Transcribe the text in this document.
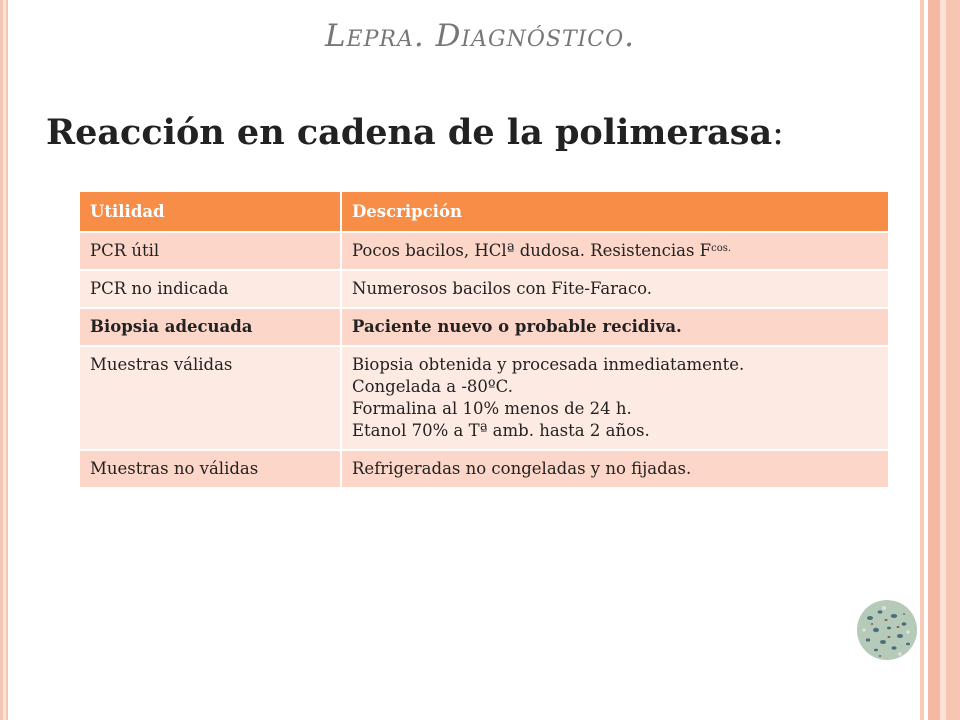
Lepra. Diagnóstico.
Reacción en cadena de la polimerasa:
Utilidad	Descripción
PCR útil	Pocos bacilos, HClª dudosa. Resistencias $F^{cos.}$
PCR no indicada	Numerosos bacilos con Fite-Faraco.
Biopsia adecuada	Paciente nuevo o probable recidiva.
Muestras válidas	Biopsia obtenida y procesada inmediatamente.
Congelada a -80ºC.
Formalina al 10% menos de 24 h.
Etanol 70% a Tª amb. hasta 2 años.

Muestras no válidas	Refrigeradas no congeladas y no fijadas.
